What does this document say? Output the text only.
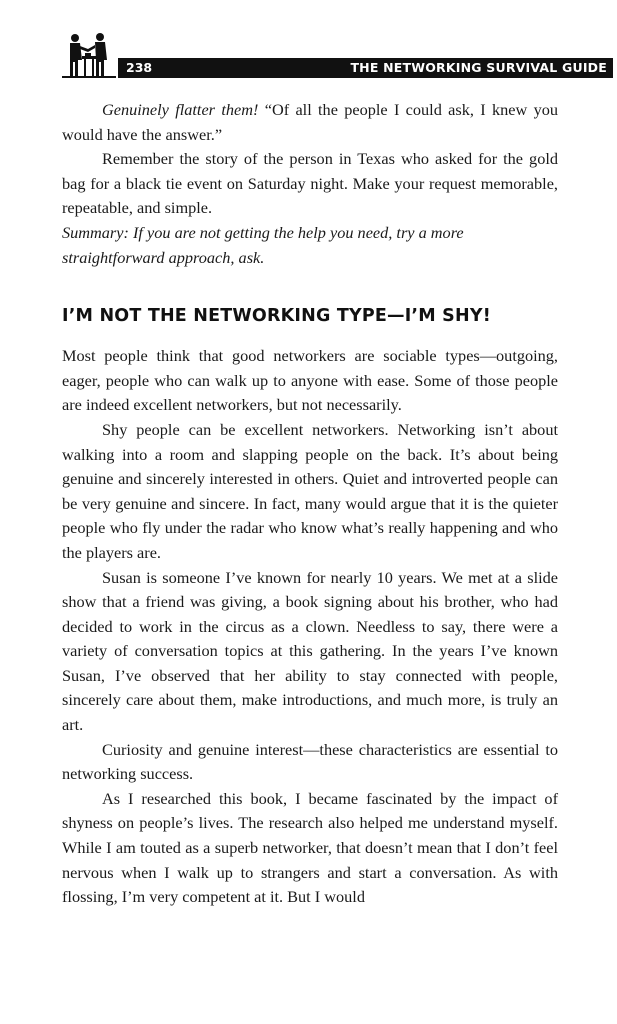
238	THE NETWORKING SURVIVAL GUIDE

Genuinely flatter them! “Of all the people I could ask, I knew you would have the answer.”

Remember the story of the person in Texas who asked for the gold bag for a black tie event on Saturday night. Make your request memorable, repeatable, and simple.

Summary: If you are not getting the help you need, try a more straightforward approach, ask.

I’M NOT THE NETWORKING TYPE—I’M SHY!

Most people think that good networkers are sociable types—outgoing, eager, people who can walk up to anyone with ease. Some of those people are indeed excellent networkers, but not necessarily.

Shy people can be excellent networkers. Networking isn’t about walking into a room and slapping people on the back. It’s about being genuine and sincerely interested in others. Quiet and introverted people can be very genuine and sincere. In fact, many would argue that it is the quieter people who fly under the radar who know what’s really happening and who the players are.

Susan is someone I’ve known for nearly 10 years. We met at a slide show that a friend was giving, a book signing about his brother, who had decided to work in the circus as a clown. Needless to say, there were a variety of conversation topics at this gathering. In the years I’ve known Susan, I’ve observed that her ability to stay connected with people, sincerely care about them, make introductions, and much more, is truly an art.

Curiosity and genuine interest—these characteristics are essential to networking success.

As I researched this book, I became fascinated by the impact of shyness on people’s lives. The research also helped me understand myself. While I am touted as a superb networker, that doesn’t mean that I don’t feel nervous when I walk up to strangers and start a conversation. As with flossing, I’m very competent at it. But I would
